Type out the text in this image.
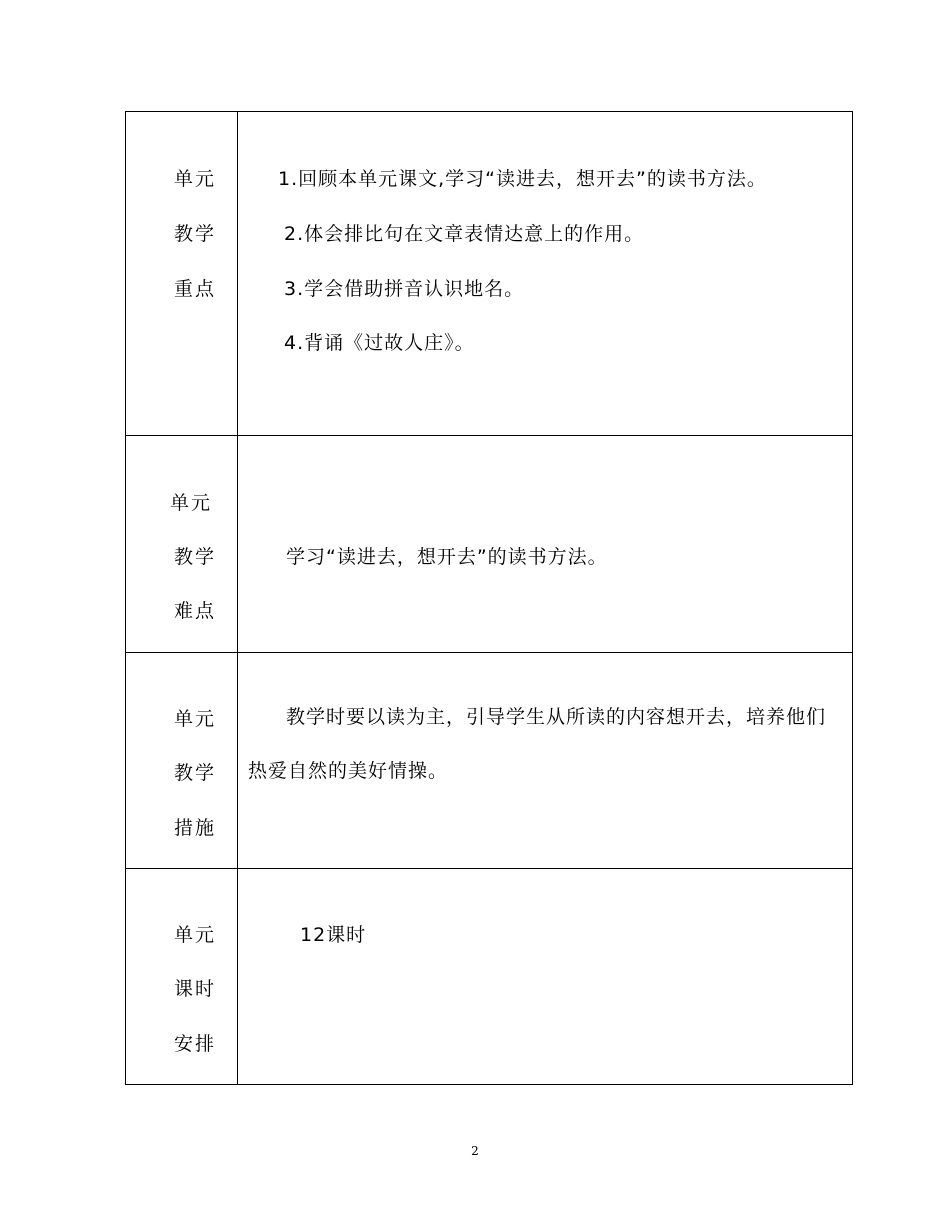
单元
教学
重点	1.回顾本单元课文,学习“读进去，想开去”的读书方法。
2.体会排比句在文章表情达意上的作用。
3.学会借助拼音认识地名。
4.背诵《过故人庄》。

单元
教学
难点	学习“读进去，想开去”的读书方法。

单元
教学
措施	教学时要以读为主，引导学生从所读的内容想开去，培养他们热爱自然的美好情操。

单元
课时
安排	12课时
2
